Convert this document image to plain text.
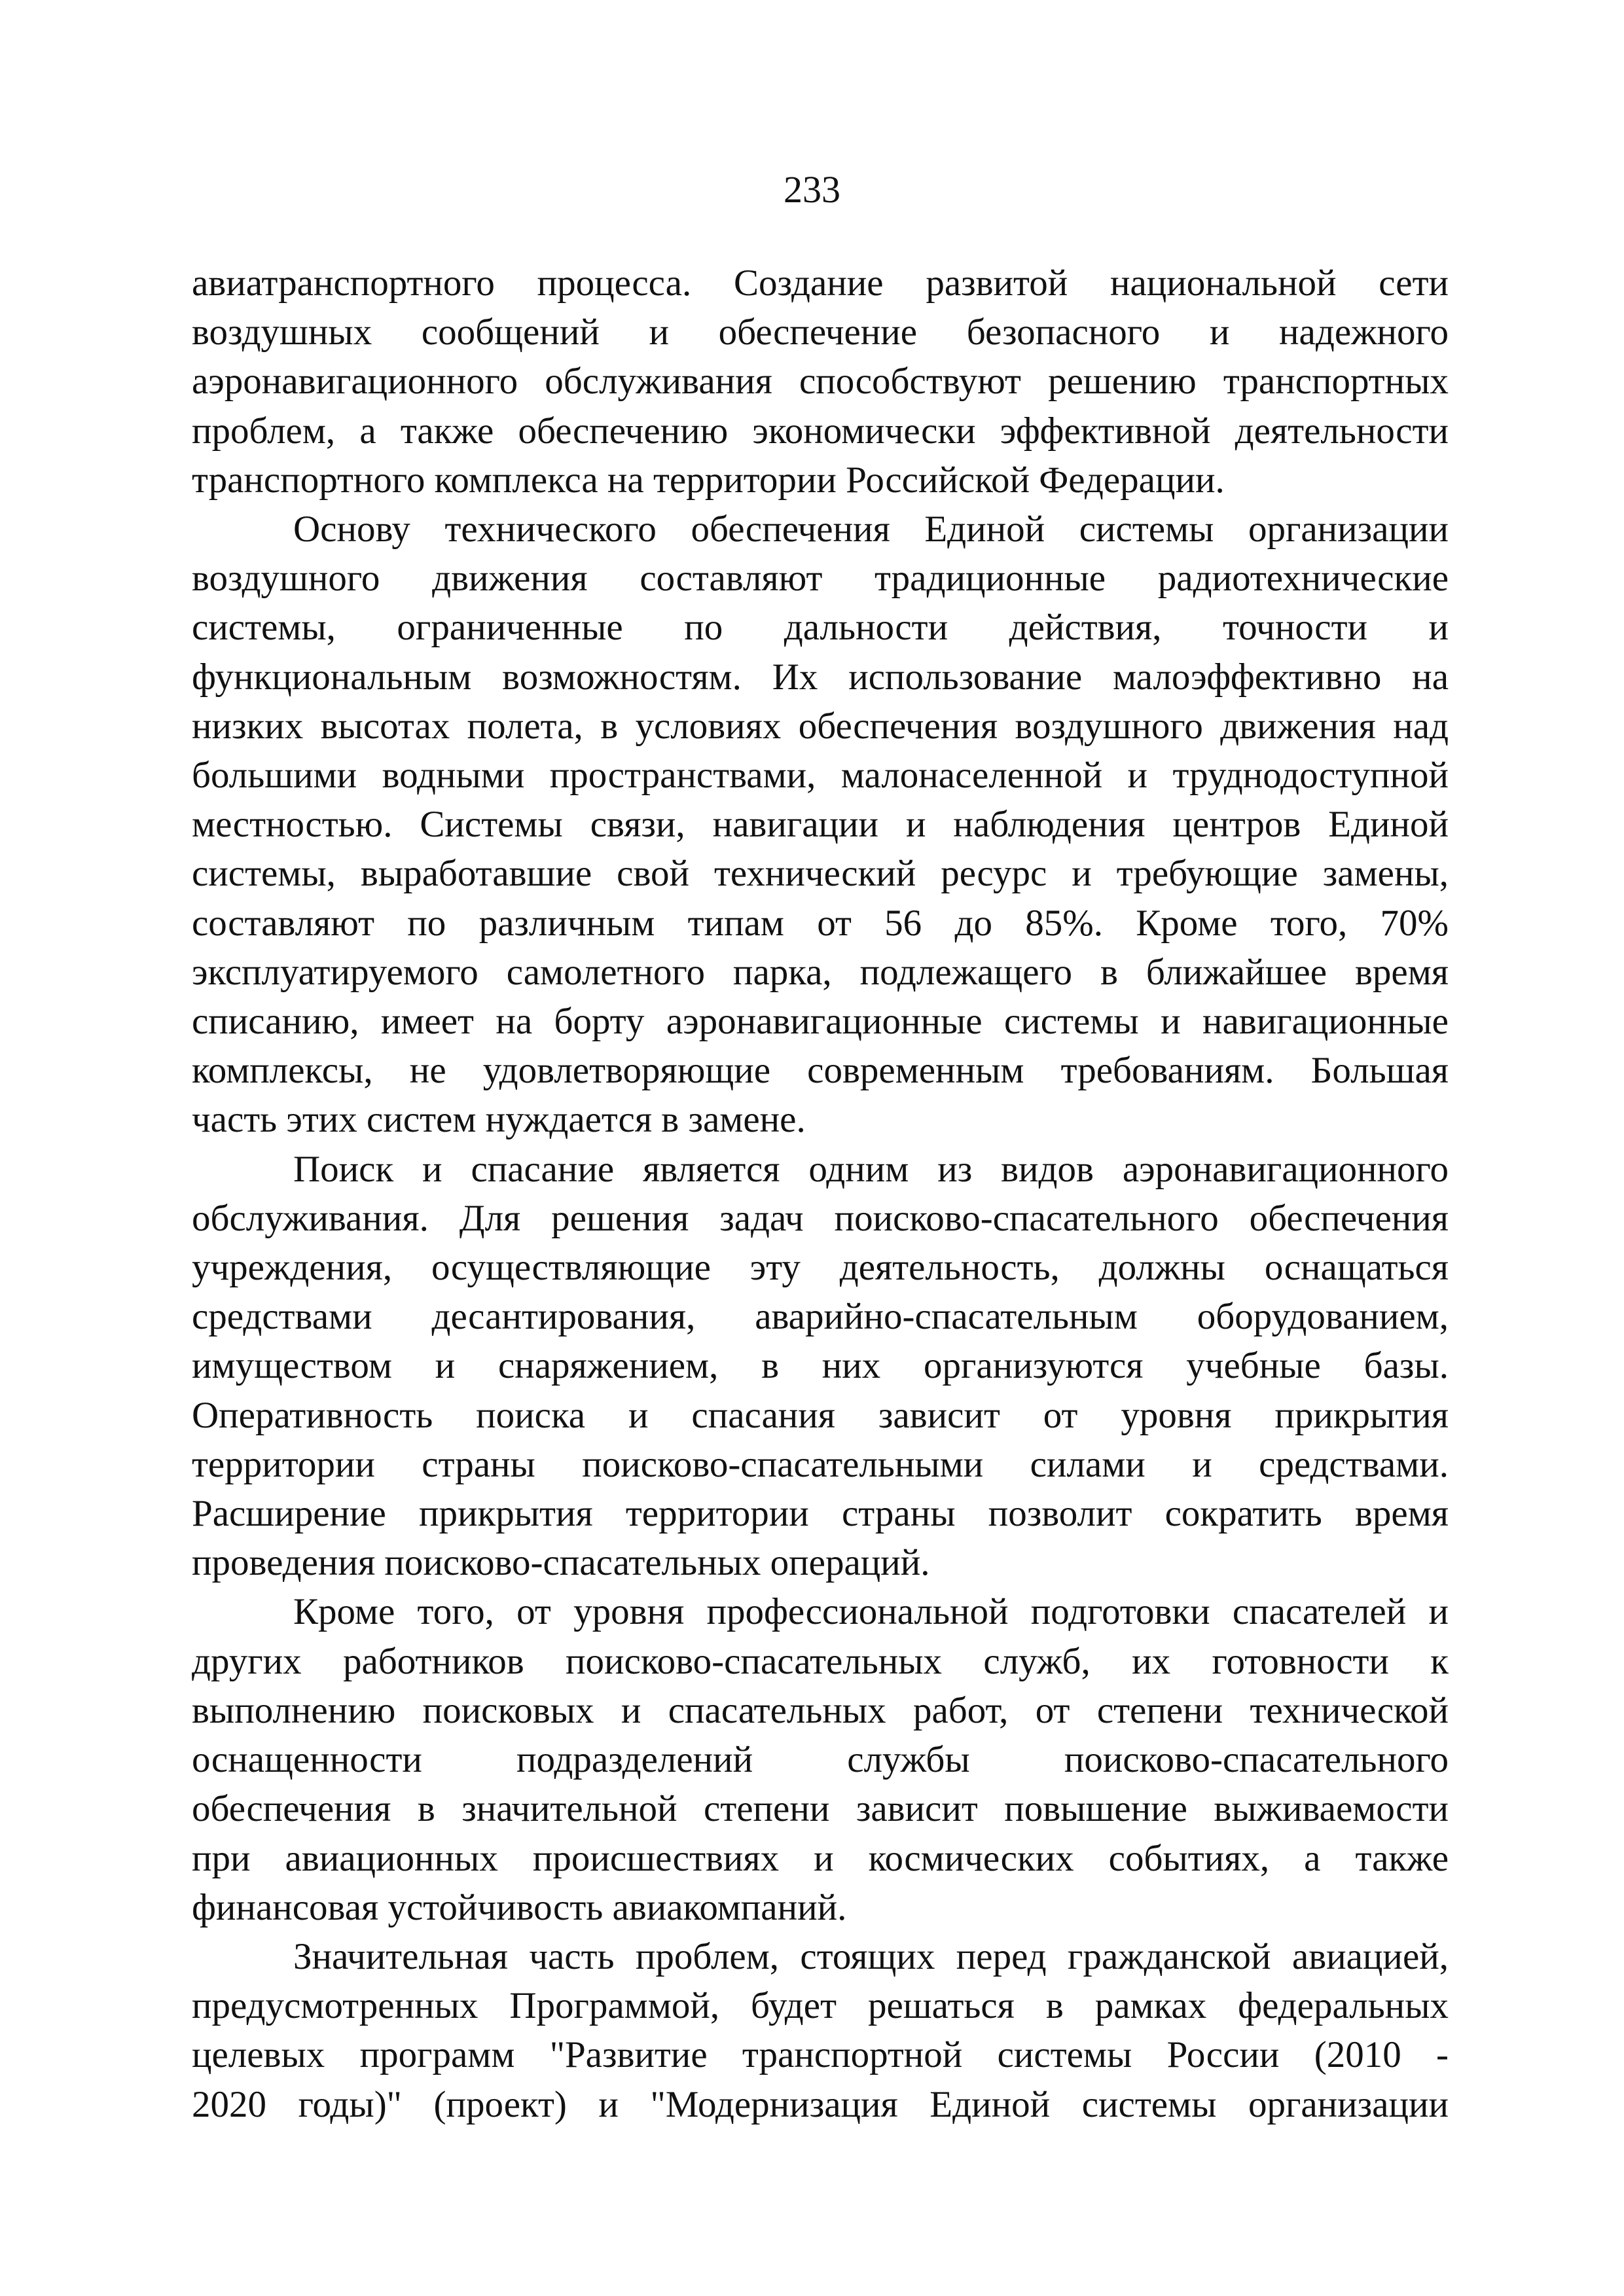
233

авиатранспортного процесса. Создание развитой национальной сети
воздушных сообщений и обеспечение безопасного и надежного
аэронавигационного обслуживания способствуют решению транспортных
проблем, а также обеспечению экономически эффективной деятельности
транспортного комплекса на территории Российской Федерации.

Основу технического обеспечения Единой системы организации
воздушного движения составляют традиционные радиотехнические
системы, ограниченные по дальности действия, точности и
функциональным возможностям. Их использование малоэффективно на
низких высотах полета, в условиях обеспечения воздушного движения над
большими водными пространствами, малонаселенной и труднодоступной
местностью. Системы связи, навигации и наблюдения центров Единой
системы, выработавшие свой технический ресурс и требующие замены,
составляют по различным типам от 56 до 85%. Кроме того, 70%
эксплуатируемого самолетного парка, подлежащего в ближайшее время
списанию, имеет на борту аэронавигационные системы и навигационные
комплексы, не удовлетворяющие современным требованиям. Большая
часть этих систем нуждается в замене.

Поиск и спасание является одним из видов аэронавигационного
обслуживания. Для решения задач поисково-спасательного обеспечения
учреждения, осуществляющие эту деятельность, должны оснащаться
средствами десантирования, аварийно-спасательным оборудованием,
имуществом и снаряжением, в них организуются учебные базы.
Оперативность поиска и спасания зависит от уровня прикрытия
территории страны поисково-спасательными силами и средствами.
Расширение прикрытия территории страны позволит сократить время
проведения поисково-спасательных операций.

Кроме того, от уровня профессиональной подготовки спасателей и
других работников поисково-спасательных служб, их готовности к
выполнению поисковых и спасательных работ, от степени технической
оснащенности подразделений службы поисково-спасательного
обеспечения в значительной степени зависит повышение выживаемости
при авиационных происшествиях и космических событиях, а также
финансовая устойчивость авиакомпаний.

Значительная часть проблем, стоящих перед гражданской авиацией,
предусмотренных Программой, будет решаться в рамках федеральных
целевых программ "Развитие транспортной системы России (2010 -
2020 годы)" (проект) и "Модернизация Единой системы организации
